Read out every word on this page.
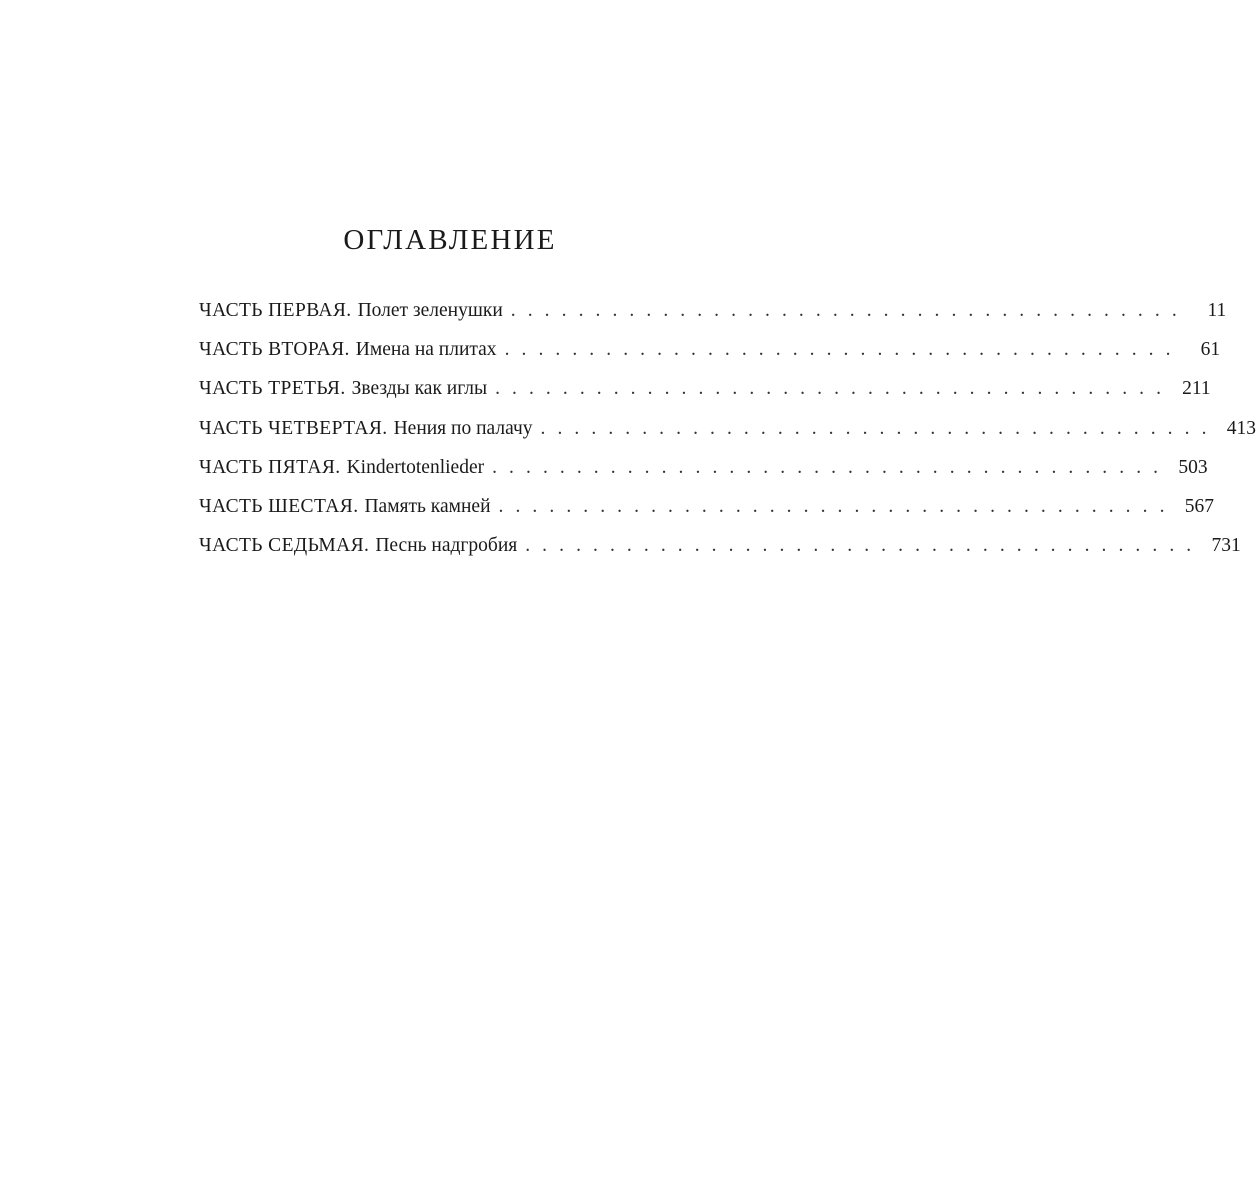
ОГЛАВЛЕНИЕ
ЧАСТЬ ПЕРВАЯ. Полет зеленушки . . . . . . . . . . . . . . . . . . . . . . . . . . . . . . . . . . . . . . . .	11
ЧАСТЬ ВТОРАЯ. Имена на плитах . . . . . . . . . . . . . . . . . . . . . . . . . . . . . . . . . . . . . . . .	61
ЧАСТЬ ТРЕТЬЯ. Звезды как иглы . . . . . . . . . . . . . . . . . . . . . . . . . . . . . . . . . . . . . . . . 211
ЧАСТЬ ЧЕТВЕРТАЯ. Нения по палачу . . . . . . . . . . . . . . . . . . . . . . . . . . . . . . . . . . . . . . . . 413
ЧАСТЬ ПЯТАЯ. Kindertotenlieder . . . . . . . . . . . . . . . . . . . . . . . . . . . . . . . . . . . . . . . . 503
ЧАСТЬ ШЕСТАЯ. Память камней . . . . . . . . . . . . . . . . . . . . . . . . . . . . . . . . . . . . . . . . 567
ЧАСТЬ СЕДЬМАЯ. Песнь надгробия . . . . . . . . . . . . . . . . . . . . . . . . . . . . . . . . . . . . . . . . 731
